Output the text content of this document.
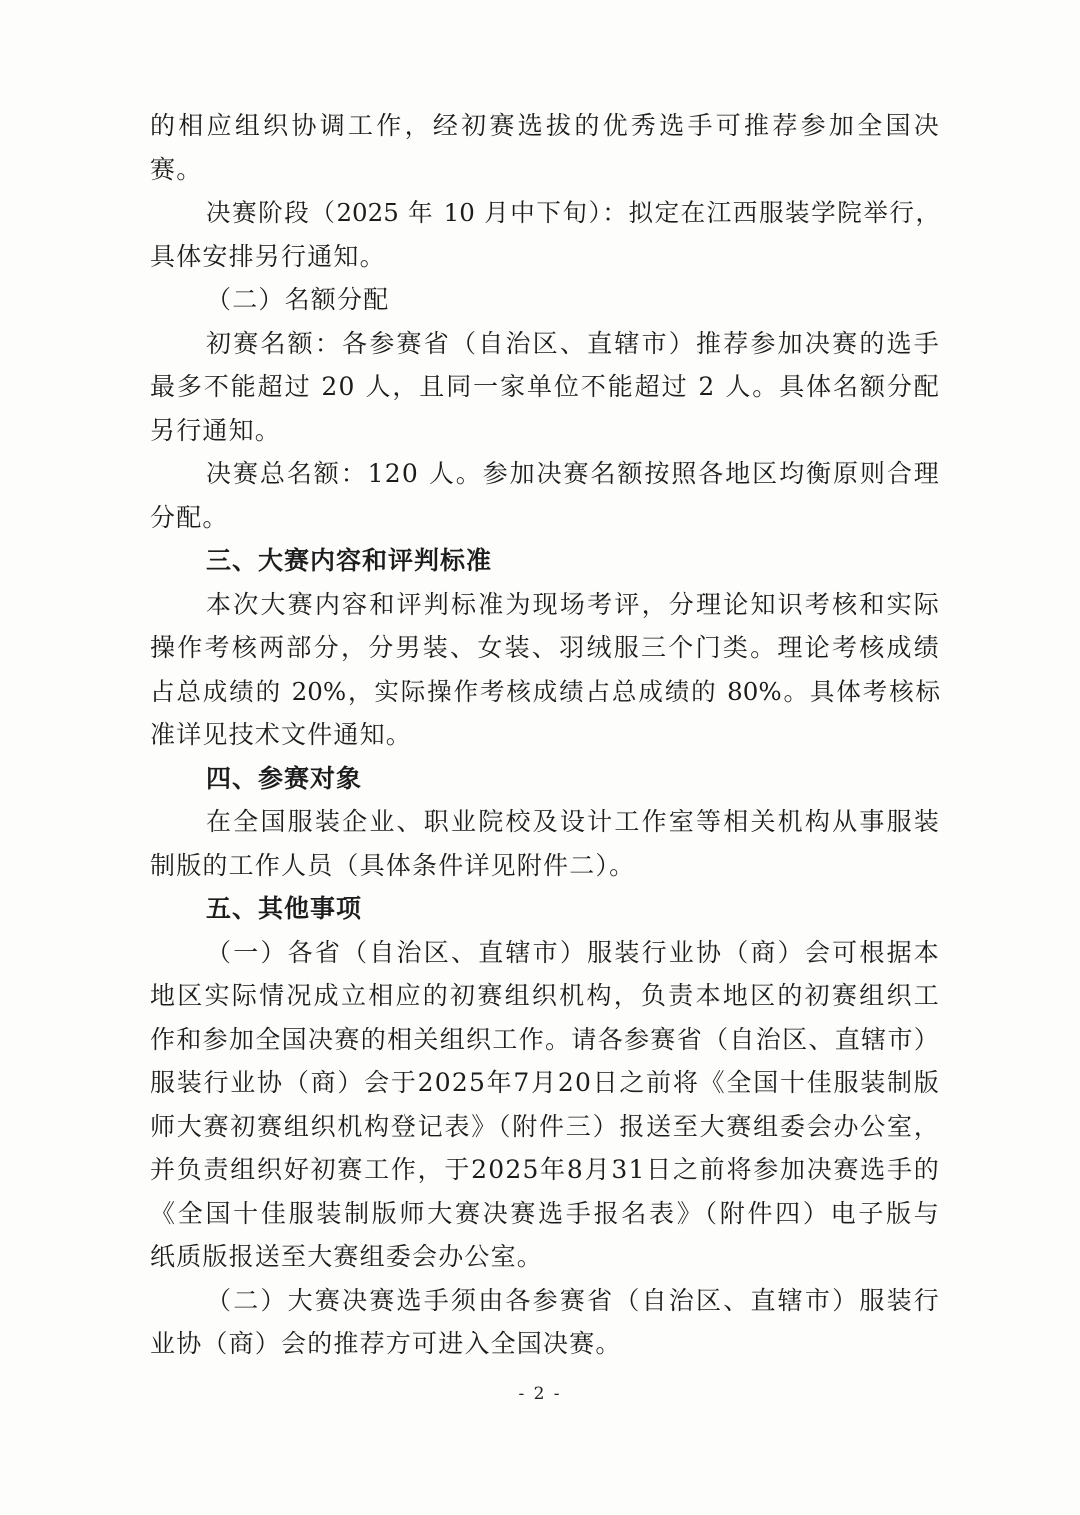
的相应组织协调工作，经初赛选拔的优秀选手可推荐参加全国决
赛。
决赛阶段（2025 年 10 月中下旬）：拟定在江西服装学院举行，
具体安排另行通知。
（二）名额分配
初赛名额：各参赛省（自治区、直辖市）推荐参加决赛的选手
最多不能超过 20 人，且同一家单位不能超过 2 人。具体名额分配
另行通知。
决赛总名额：120 人。参加决赛名额按照各地区均衡原则合理
分配。
三、大赛内容和评判标准
本次大赛内容和评判标准为现场考评，分理论知识考核和实际
操作考核两部分，分男装、女装、羽绒服三个门类。理论考核成绩
占总成绩的 20%，实际操作考核成绩占总成绩的 80%。具体考核标
准详见技术文件通知。
四、参赛对象
在全国服装企业、职业院校及设计工作室等相关机构从事服装
制版的工作人员（具体条件详见附件二）。
五、其他事项
（一）各省（自治区、直辖市）服装行业协（商）会可根据本
地区实际情况成立相应的初赛组织机构，负责本地区的初赛组织工
作和参加全国决赛的相关组织工作。请各参赛省（自治区、直辖市）
服装行业协（商）会于2025年7月20日之前将《全国十佳服装制版
师大赛初赛组织机构登记表》（附件三）报送至大赛组委会办公室，
并负责组织好初赛工作，于2025年8月31日之前将参加决赛选手的
《全国十佳服装制版师大赛决赛选手报名表》（附件四）电子版与
纸质版报送至大赛组委会办公室。
（二）大赛决赛选手须由各参赛省（自治区、直辖市）服装行
业协（商）会的推荐方可进入全国决赛。
- 2 -
